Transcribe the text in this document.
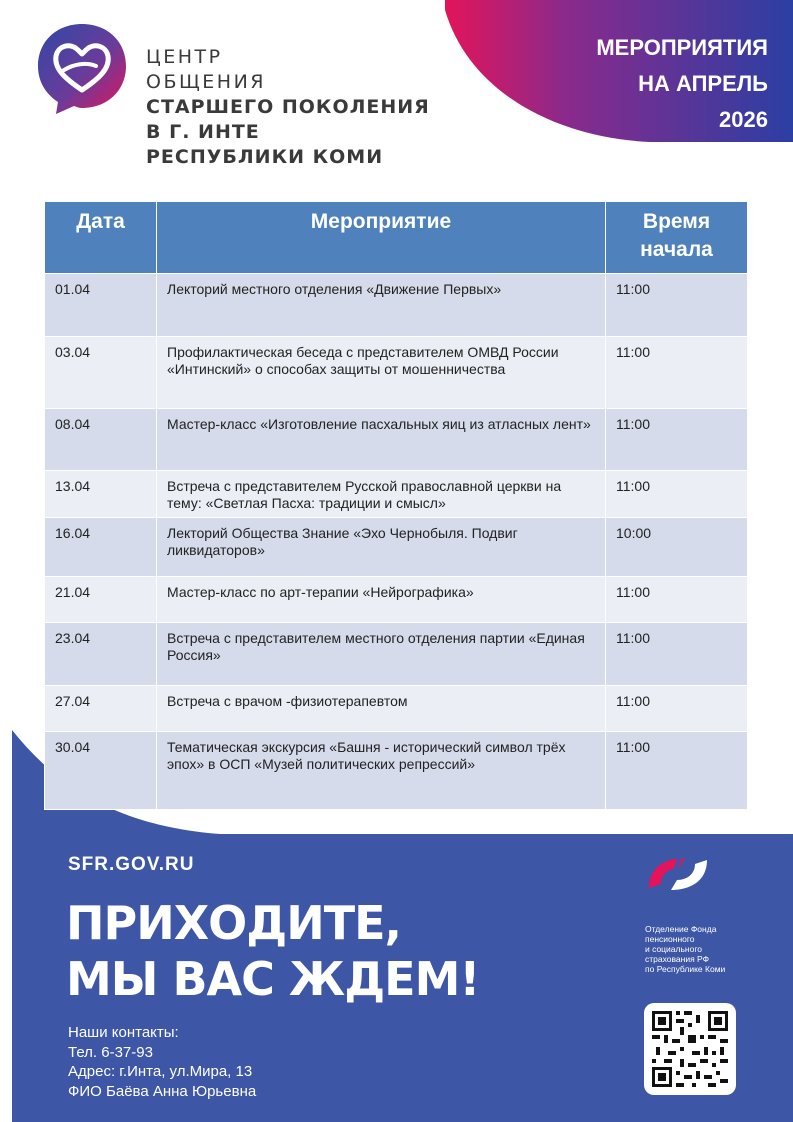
МЕРОПРИЯТИЯ
НА АПРЕЛЬ
2026
ЦЕНТР
ОБЩЕНИЯ
СТАРШЕГО ПОКОЛЕНИЯ
В Г. ИНТЕ
РЕСПУБЛИКИ КОМИ
Дата	Мероприятие	Время
начала

01.04	Лекторий местного отделения «Движение Первых»	11:00
03.04	Профилактическая беседа с представителем ОМВД России «Интинский» о способах защиты от мошенничества	11:00
08.04	Мастер-класс «Изготовление пасхальных яиц из атласных лент»	11:00
13.04	Встреча с представителем Русской православной церкви на тему: «Светлая Пасха: традиции и смысл»	11:00
16.04	Лекторий Общества Знание «Эхо Чернобыля. Подвиг ликвидаторов»	10:00
21.04	Мастер-класс по арт-терапии «Нейрографика»	11:00
23.04	Встреча с представителем местного отделения партии «Единая Россия»	11:00
27.04	Встреча с врачом -физиотерапевтом	11:00
30.04	Тематическая экскурсия «Башня - исторический символ трёх эпох» в ОСП «Музей политических репрессий»	11:00
SFR.GOV.RU
ПРИХОДИТЕ,
МЫ ВАС ЖДЕМ!
Наши контакты:
Тел. 6-37-93
Адрес: г.Инта, ул.Мира, 13
ФИО Баёва Анна Юрьевна
Отделение Фонда
пенсионного
и социального
страхования РФ
по Республике Коми
